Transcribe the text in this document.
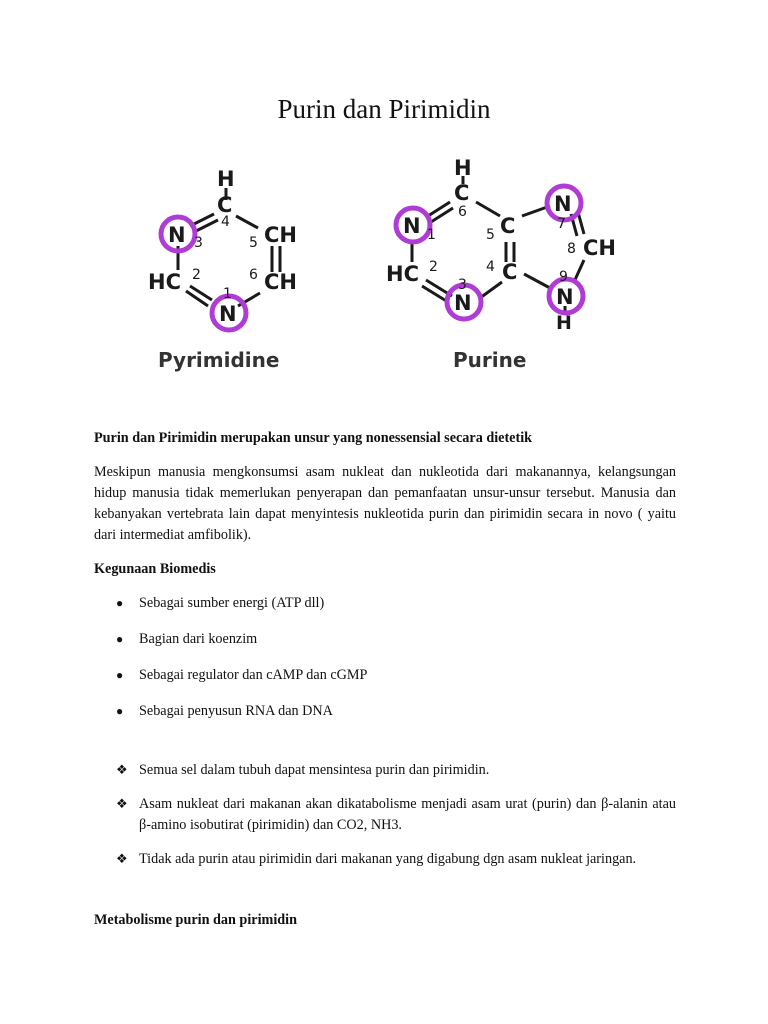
Purin dan Pirimidin
H
C
4
N 3	5 CH
HC 2	6 CH
1
N
Pyrimidine
H
C
6
N 1	5 C
N
7
8 CH
HC 2	4 C
3
N
9
N
H
Purine

Purin dan Pirimidin merupakan unsur yang nonessensial secara dietetik

Meskipun manusia mengkonsumsi asam nukleat dan nukleotida dari makanannya, kelangsungan hidup manusia tidak memerlukan penyerapan dan pemanfaatan unsur-unsur tersebut. Manusia dan kebanyakan vertebrata lain dapat menyintesis nukleotida purin dan pirimidin secara in novo ( yaitu dari intermediat amfibolik).

Kegunaan Biomedis

● Sebagai sumber energi (ATP dll)
● Bagian dari koenzim
● Sebagai regulator dan cAMP dan cGMP
● Sebagai penyusun RNA dan DNA
❖ Semua sel dalam tubuh dapat mensintesa purin dan pirimidin.
❖ Asam nukleat dari makanan akan dikatabolisme menjadi asam urat (purin) dan β-alanin atau β-amino isobutirat (pirimidin) dan CO2, NH3.
❖ Tidak ada purin atau pirimidin dari makanan yang digabung dgn asam nukleat jaringan.

Metabolisme purin dan pirimidin
